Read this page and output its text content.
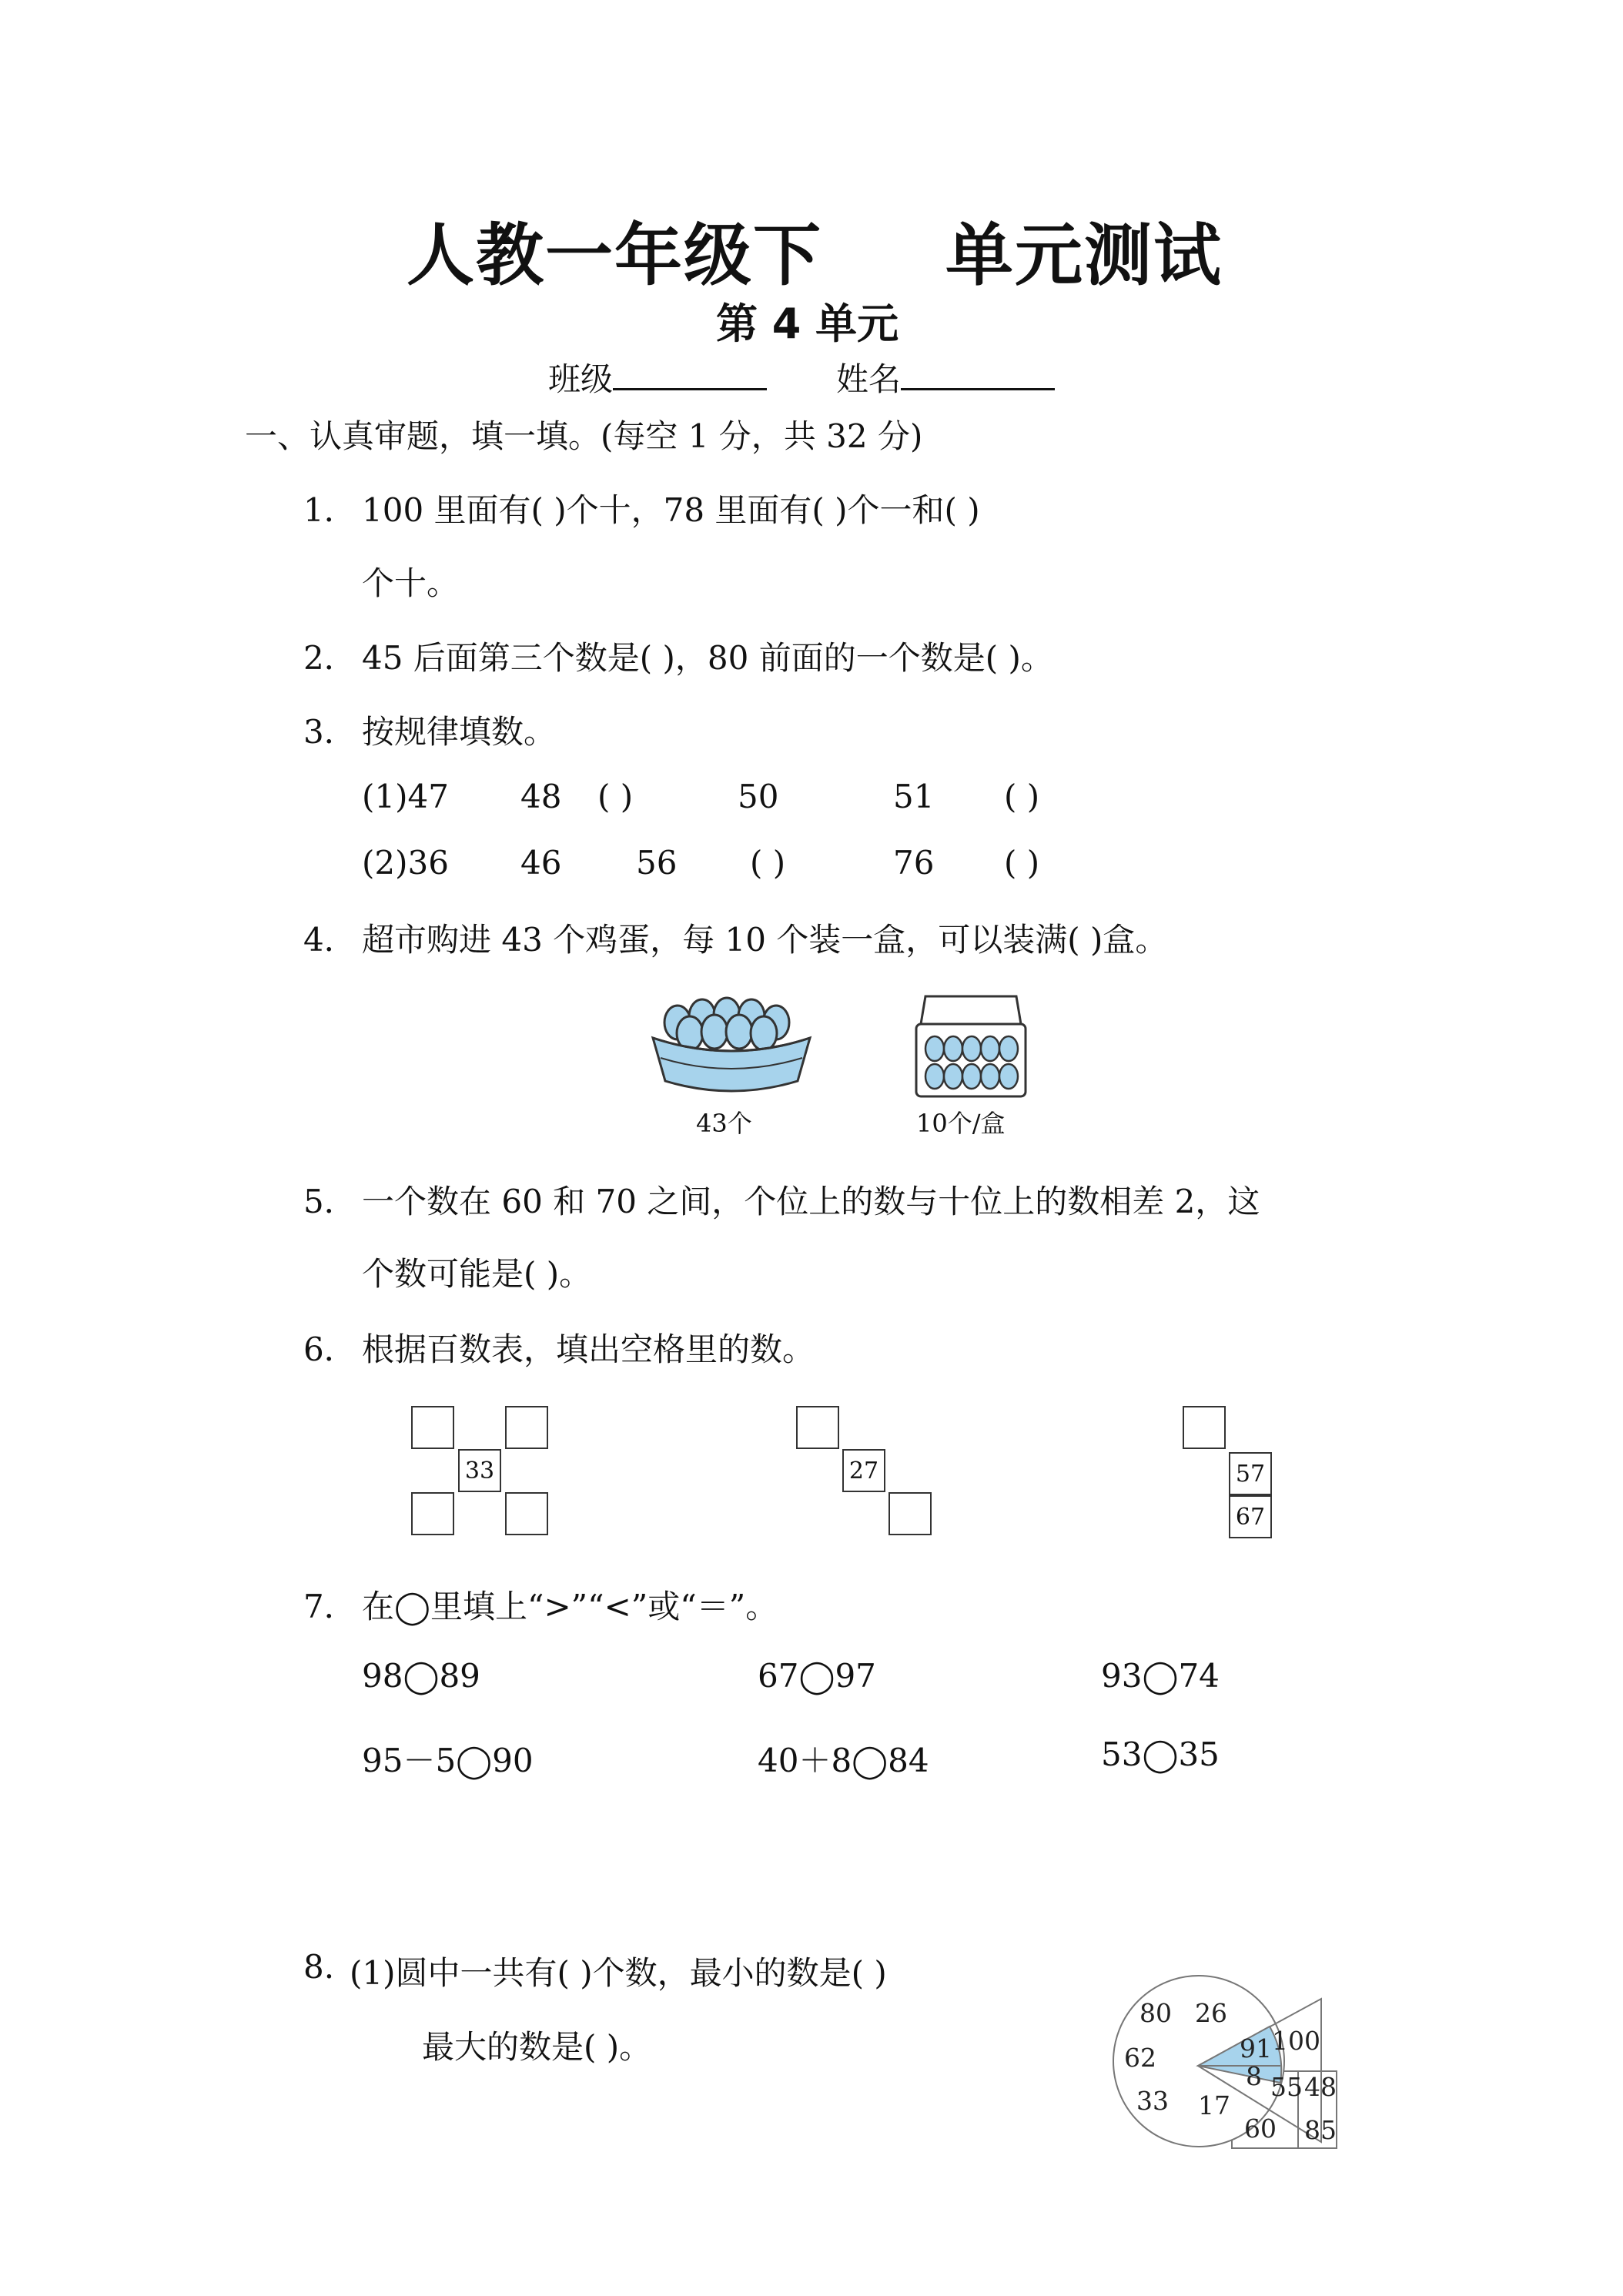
人教一年级下 单元测试
第 4 单元
班级	姓名
一、认真审题，填一填。(每空 1 分，共 32 分)
1． 100 里面有( )个十，78 里面有( )个一和( )
个十。
2． 45 后面第三个数是( )，80 前面的一个数是( )。
3． 按规律填数。
(1)47 48 ( )	50	51 ( )
(2)36 46 56 ( )	76 ( )
4． 超市购进 43 个鸡蛋，每 10 个装一盒，可以装满( )盒。
43个	10个/盒
5． 一个数在 60 和 70 之间，个位上的数与十位上的数相差 2，这
个数可能是( )。
6． 根据百数表，填出空格里的数。
33	27	57
67
7． 在◯里填上“>”“<”或“＝”。
98◯89	67◯97	93◯74
95－5◯90	40＋8◯84	53◯35
8. (1)圆中一共有( )个数，最小的数是( )
最大的数是( )。
80 26
62	91
8
33 17
100
55
60
48
85
